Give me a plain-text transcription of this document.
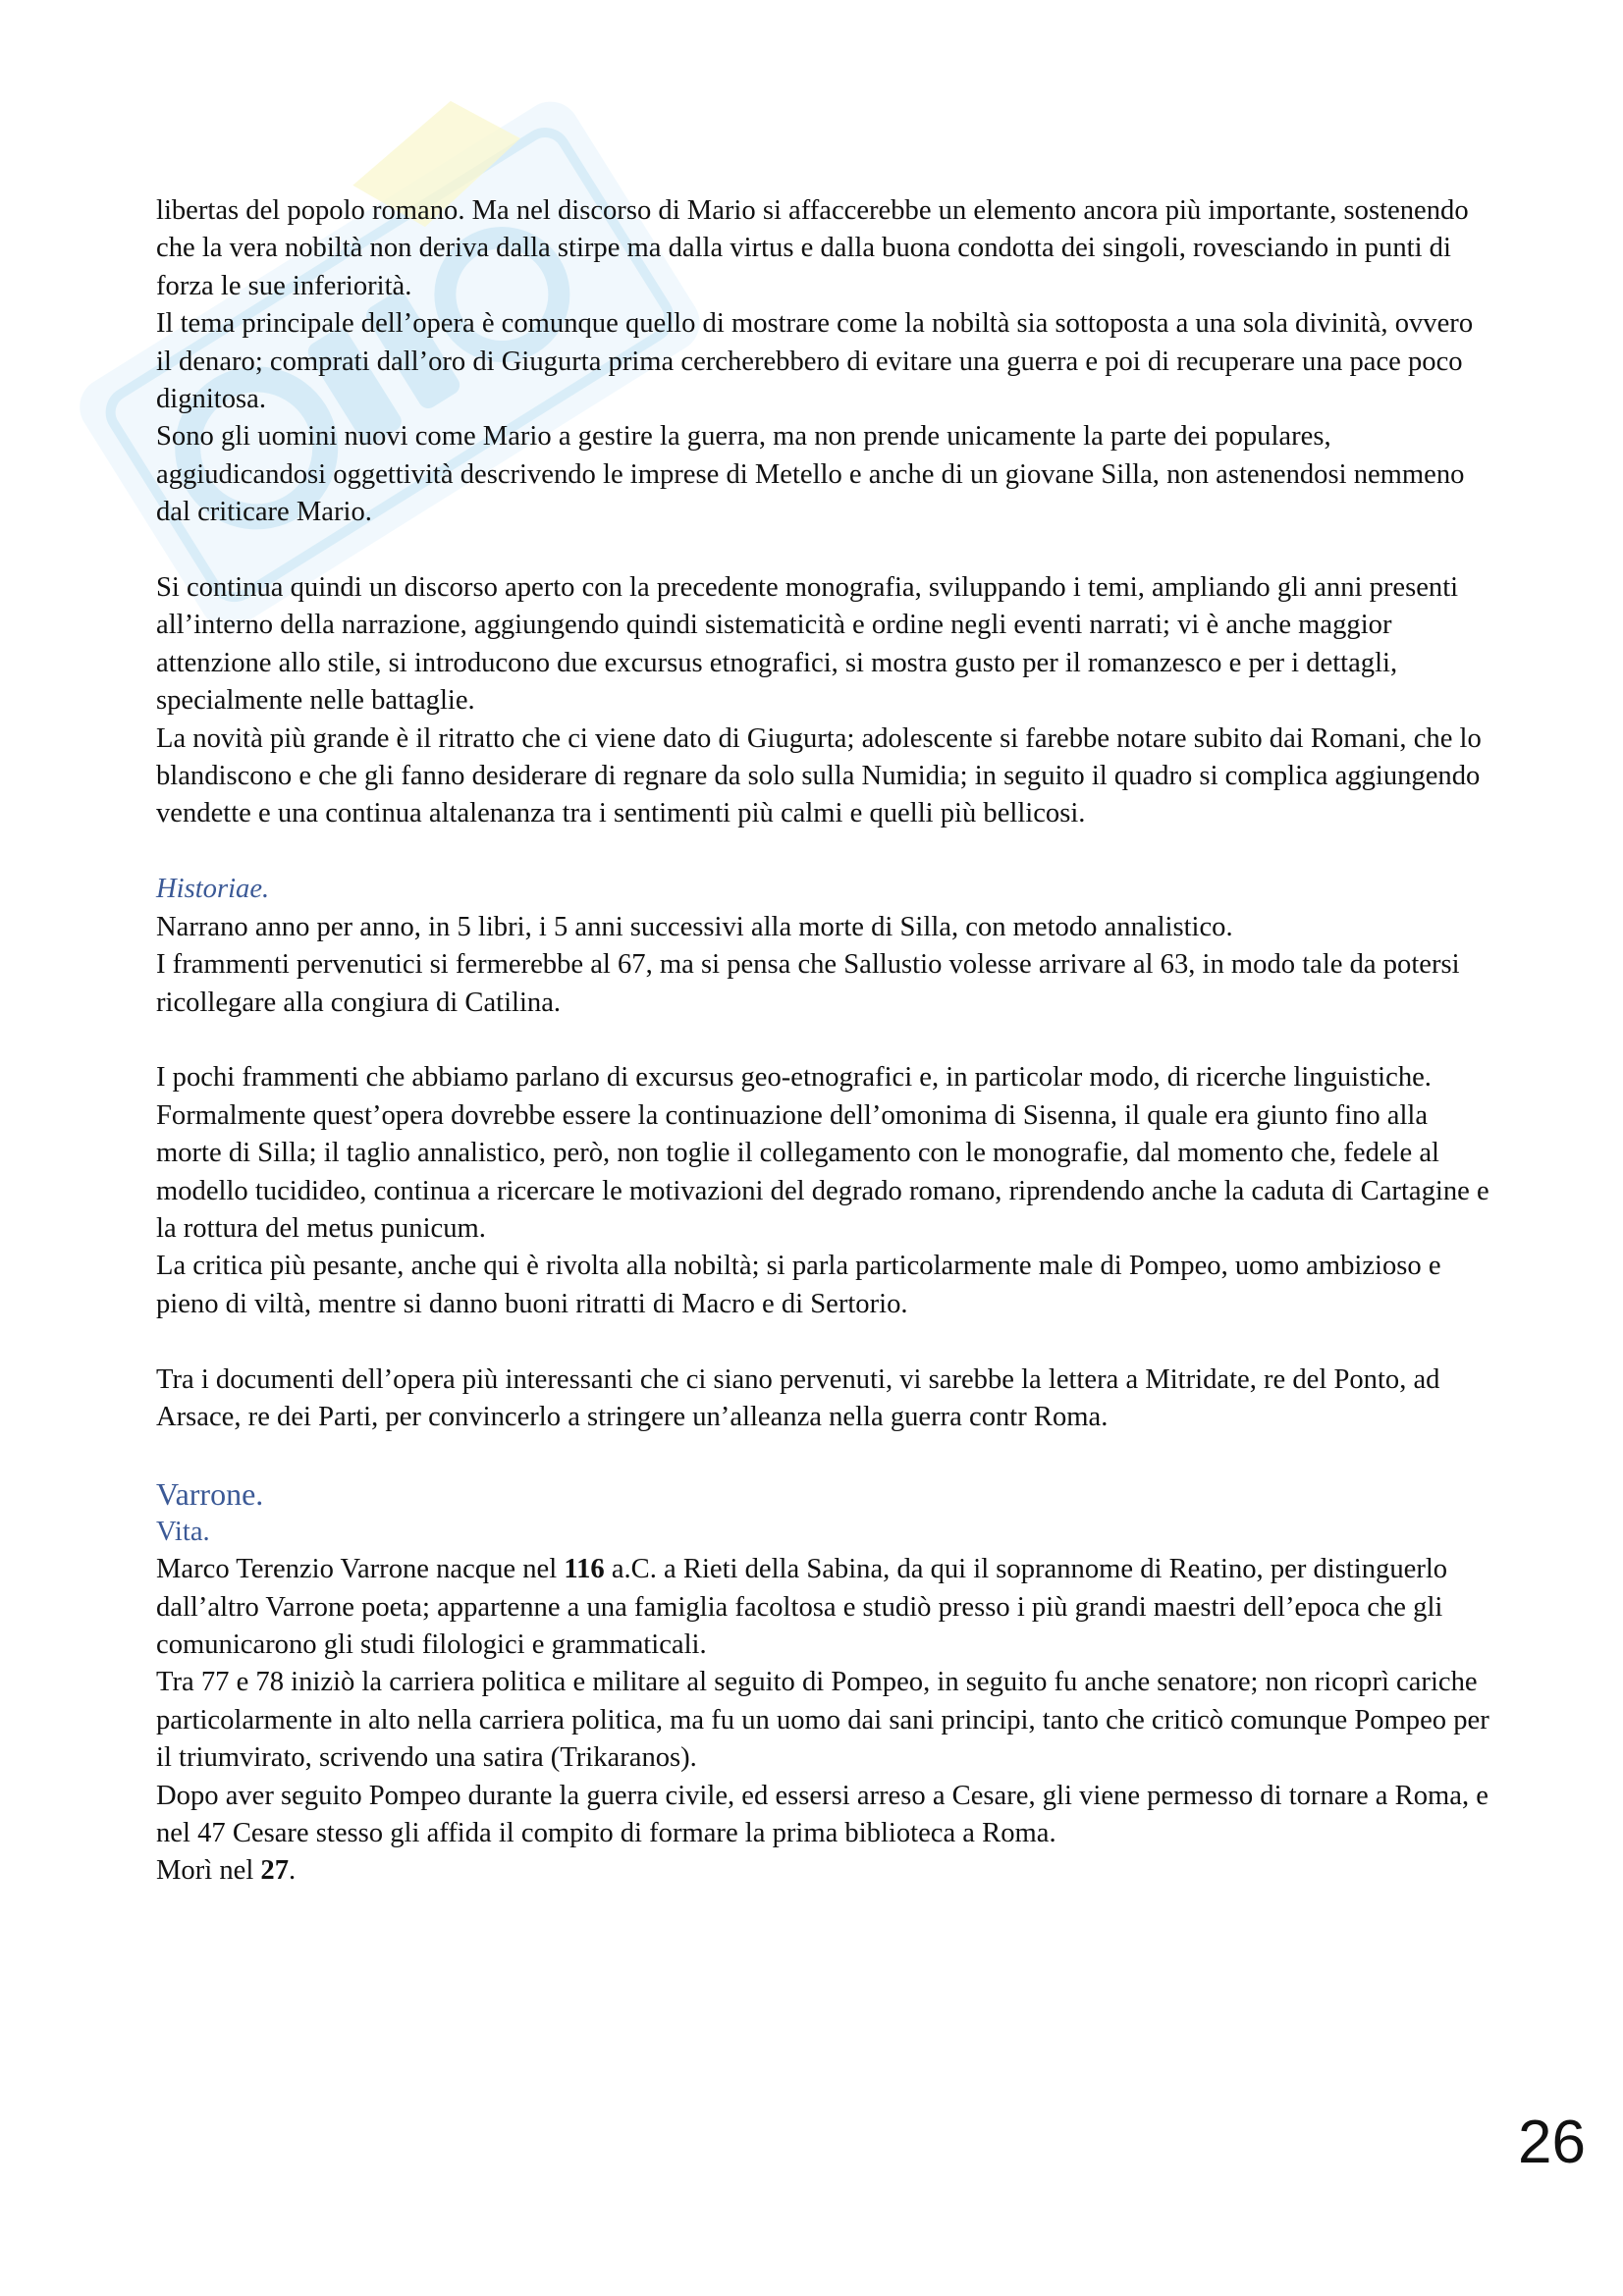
libertas del popolo romano. Ma nel discorso di Mario si affaccerebbe un elemento ancora più importante, sostenendo che la vera nobiltà non deriva dalla stirpe ma dalla virtus e dalla buona condotta dei singoli, rovesciando in punti di forza le sue inferiorità.

Il tema principale dell’opera è comunque quello di mostrare come la nobiltà sia sottoposta a una sola divinità, ovvero il denaro; comprati dall’oro di Giugurta prima cercherebbero di evitare una guerra e poi di recuperare una pace poco dignitosa.

Sono gli uomini nuovi come Mario a gestire la guerra, ma non prende unicamente la parte dei populares, aggiudicandosi oggettività descrivendo le imprese di Metello e anche di un giovane Silla, non astenendosi nemmeno dal criticare Mario.

Si continua quindi un discorso aperto con la precedente monografia, sviluppando i temi, ampliando gli anni presenti all’interno della narrazione, aggiungendo quindi sistematicità e ordine negli eventi narrati; vi è anche maggior attenzione allo stile, si introducono due excursus etnografici, si mostra gusto per il romanzesco e per i dettagli, specialmente nelle battaglie.

La novità più grande è il ritratto che ci viene dato di Giugurta; adolescente si farebbe notare subito dai Romani, che lo blandiscono e che gli fanno desiderare di regnare da solo sulla Numidia; in seguito il quadro si complica aggiungendo vendette e una continua altalenanza tra i sentimenti più calmi e quelli più bellicosi.

Historiae.

Narrano anno per anno, in 5 libri, i 5 anni successivi alla morte di Silla, con metodo annalistico.

I frammenti pervenutici si fermerebbe al 67, ma si pensa che Sallustio volesse arrivare al 63, in modo tale da potersi ricollegare alla congiura di Catilina.

I pochi frammenti che abbiamo parlano di excursus geo-etnografici e, in particolar modo, di ricerche linguistiche.

Formalmente quest’opera dovrebbe essere la continuazione dell’omonima di Sisenna, il quale era giunto fino alla morte di Silla; il taglio annalistico, però, non toglie il collegamento con le monografie, dal momento che, fedele al modello tucidideo, continua a ricercare le motivazioni del degrado romano, riprendendo anche la caduta di Cartagine e la rottura del metus punicum.

La critica più pesante, anche qui è rivolta alla nobiltà; si parla particolarmente male di Pompeo, uomo ambizioso e pieno di viltà, mentre si danno buoni ritratti di Macro e di Sertorio.

Tra i documenti dell’opera più interessanti che ci siano pervenuti, vi sarebbe la lettera a Mitridate, re del Ponto, ad Arsace, re dei Parti, per convincerlo a stringere un’alleanza nella guerra contr Roma.

Varrone.

Vita.

Marco Terenzio Varrone nacque nel 116 a.C. a Rieti della Sabina, da qui il soprannome di Reatino, per distinguerlo dall’altro Varrone poeta; appartenne a una famiglia facoltosa e studiò presso i più grandi maestri dell’epoca che gli comunicarono gli studi filologici e grammaticali.

Tra 77 e 78 iniziò la carriera politica e militare al seguito di Pompeo, in seguito fu anche senatore; non ricoprì cariche particolarmente in alto nella carriera politica, ma fu un uomo dai sani principi, tanto che criticò comunque Pompeo per il triumvirato, scrivendo una satira (Trikaranos).

Dopo aver seguito Pompeo durante la guerra civile, ed essersi arreso a Cesare, gli viene permesso di tornare a Roma, e nel 47 Cesare stesso gli affida il compito di formare la prima biblioteca a Roma.

Morì nel 27.

26
